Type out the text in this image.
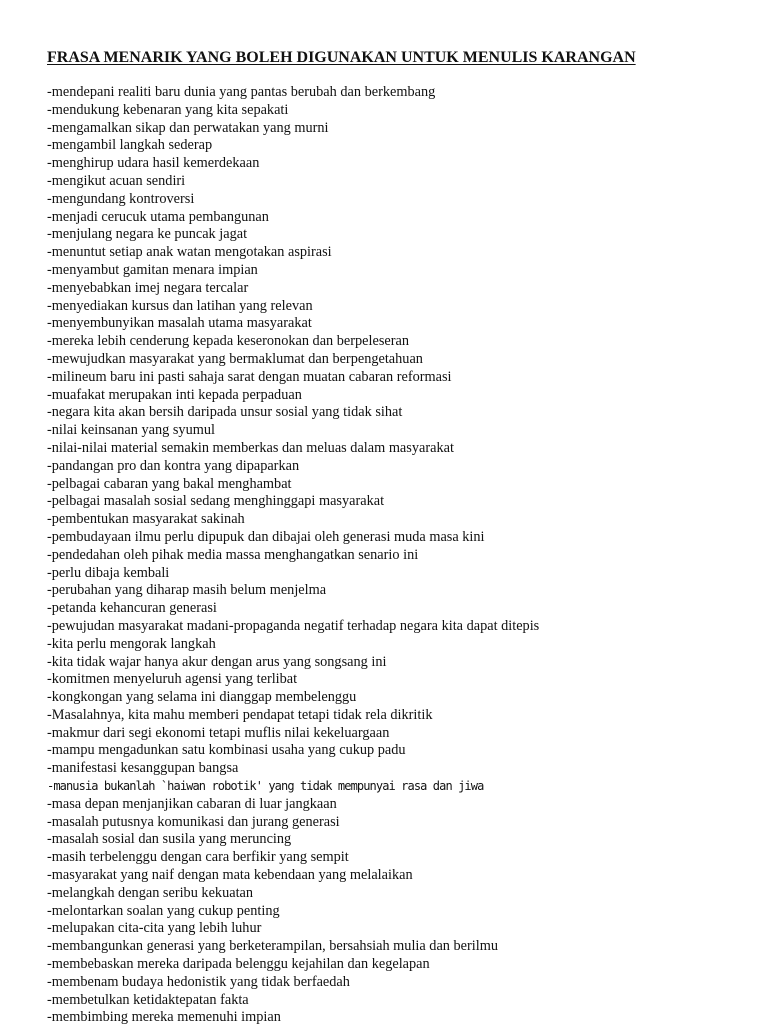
FRASA MENARIK YANG BOLEH DIGUNAKAN UNTUK MENULIS KARANGAN
-mendepani realiti baru dunia yang pantas berubah dan berkembang
-mendukung kebenaran yang kita sepakati
-mengamalkan sikap dan perwatakan yang murni
-mengambil langkah sederap
-menghirup udara hasil kemerdekaan
-mengikut acuan sendiri
-mengundang kontroversi
-menjadi cerucuk utama pembangunan
-menjulang negara ke puncak jagat
-menuntut setiap anak watan mengotakan aspirasi
-menyambut gamitan menara impian
-menyebabkan imej negara tercalar
-menyediakan kursus dan latihan yang relevan
-menyembunyikan masalah utama masyarakat
-mereka lebih cenderung kepada keseronokan dan berpeleseran
-mewujudkan masyarakat yang bermaklumat dan berpengetahuan
-milineum baru ini pasti sahaja sarat dengan muatan cabaran reformasi
-muafakat merupakan inti kepada perpaduan
-negara kita akan bersih daripada unsur sosial yang tidak sihat
-nilai keinsanan yang syumul
-nilai-nilai material semakin memberkas dan meluas dalam masyarakat
-pandangan pro dan kontra yang dipaparkan
-pelbagai cabaran yang bakal menghambat
-pelbagai masalah sosial sedang menghinggapi masyarakat
-pembentukan masyarakat sakinah
-pembudayaan ilmu perlu dipupuk dan dibajai oleh generasi muda masa kini
-pendedahan oleh pihak media massa menghangatkan senario ini
-perlu dibaja kembali
-perubahan yang diharap masih belum menjelma
-petanda kehancuran generasi
-pewujudan masyarakat madani-propaganda negatif terhadap negara kita dapat ditepis
-kita perlu mengorak langkah
-kita tidak wajar hanya akur dengan arus yang songsang ini
-komitmen menyeluruh agensi yang terlibat
-kongkongan yang selama ini dianggap membelenggu
-Masalahnya, kita mahu memberi pendapat tetapi tidak rela dikritik
-makmur dari segi ekonomi tetapi muflis nilai kekeluargaan
-mampu mengadunkan satu kombinasi usaha yang cukup padu
-manifestasi kesanggupan bangsa
-manusia bukanlah `haiwan robotik' yang tidak mempunyai rasa dan jiwa
-masa depan menjanjikan cabaran di luar jangkaan
-masalah putusnya komunikasi dan jurang generasi
-masalah sosial dan susila yang meruncing
-masih terbelenggu dengan cara berfikir yang sempit
-masyarakat yang naif dengan mata kebendaan yang melalaikan
-melangkah dengan seribu kekuatan
-melontarkan soalan yang cukup penting
-melupakan cita-cita yang lebih luhur
-membangunkan generasi yang berketerampilan, bersahsiah mulia dan berilmu
-membebaskan mereka daripada belenggu kejahilan dan kegelapan
-membenam budaya hedonistik yang tidak berfaedah
-membetulkan ketidaktepatan fakta
-membimbing mereka memenuhi impian
